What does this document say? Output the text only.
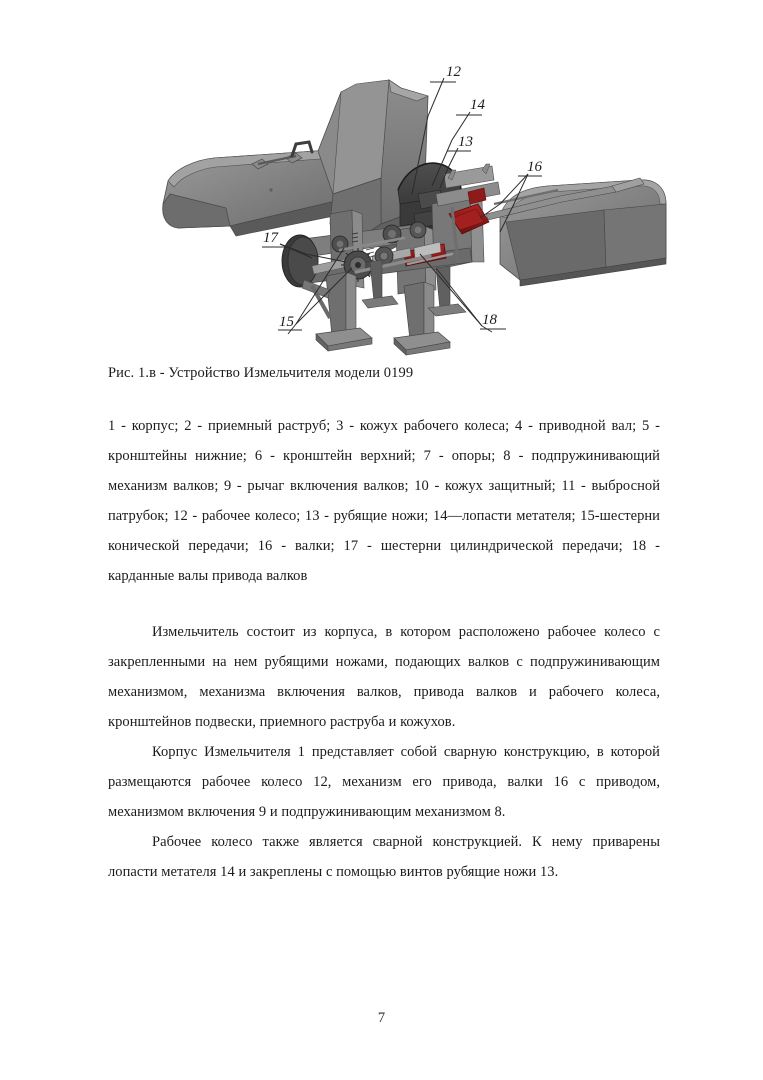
12
14
13
16
17
15	18

Рис. 1.в - Устройство Измельчителя модели 0199

1 - корпус; 2 - приемный раструб; 3 - кожух рабочего колеса; 4 - приводной вал; 5 - кронштейны нижние; 6 - кронштейн верхний; 7 - опоры; 8 - подпружинивающий механизм валков; 9 - рычаг включения валков; 10 - кожух защитный; 11 - выбросной патрубок; 12 - рабочее колесо; 13 - рубящие ножи; 14—лопасти метателя; 15-шестерни конической передачи; 16 - валки; 17 - шестерни цилиндрической передачи; 18 - карданные валы привода валков

Измельчитель состоит из корпуса, в котором расположено рабочее колесо с закрепленными на нем рубящими ножами, подающих валков с подпружинивающим механизмом, механизма включения валков, привода валков и рабочего колеса, кронштейнов подвески, приемного раструба и кожухов.

Корпус Измельчителя 1 представляет собой сварную конструкцию, в которой размещаются рабочее колесо 12, механизм его привода, валки 16 с приводом, механизмом включения 9 и подпружинивающим механизмом 8.

Рабочее колесо также является сварной конструкцией. К нему приварены лопасти метателя 14 и закреплены с помощью винтов рубящие ножи 13.

7
